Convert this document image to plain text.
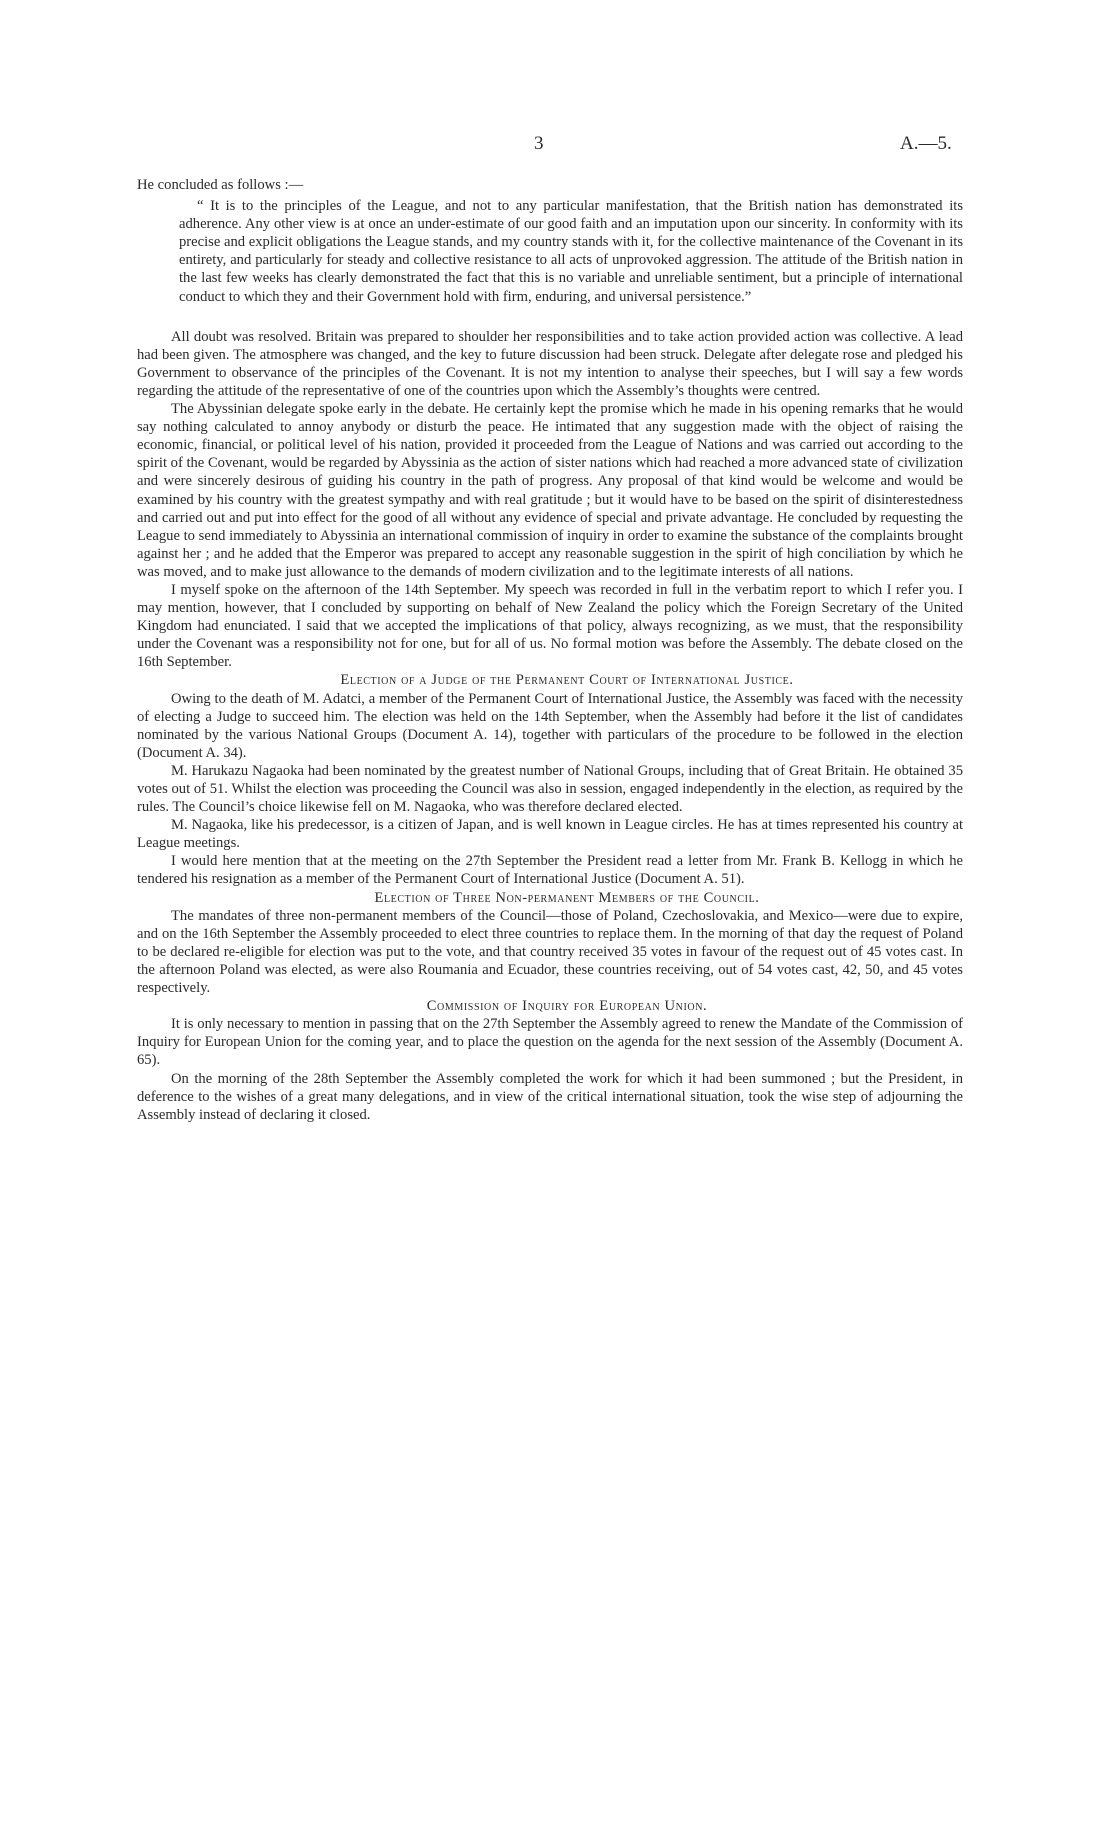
3	A.—5.

He concluded as follows :—

“ It is to the principles of the League, and not to any particular manifestation, that the British nation has demonstrated its adherence. Any other view is at once an under-estimate of our good faith and an imputation upon our sincerity. In conformity with its precise and explicit obligations the League stands, and my country stands with it, for the collective maintenance of the Covenant in its entirety, and particularly for steady and collective resistance to all acts of unprovoked aggression. The attitude of the British nation in the last few weeks has clearly demonstrated the fact that this is no variable and unreliable sentiment, but a principle of international conduct to which they and their Government hold with firm, enduring, and universal persistence.”

All doubt was resolved. Britain was prepared to shoulder her responsibilities and to take action provided action was collective. A lead had been given. The atmosphere was changed, and the key to future discussion had been struck. Delegate after delegate rose and pledged his Government to observance of the principles of the Covenant. It is not my intention to analyse their speeches, but I will say a few words regarding the attitude of the representative of one of the countries upon which the Assembly’s thoughts were centred.

The Abyssinian delegate spoke early in the debate. He certainly kept the promise which he made in his opening remarks that he would say nothing calculated to annoy anybody or disturb the peace. He intimated that any suggestion made with the object of raising the economic, financial, or political level of his nation, provided it proceeded from the League of Nations and was carried out according to the spirit of the Covenant, would be regarded by Abyssinia as the action of sister nations which had reached a more advanced state of civilization and were sincerely desirous of guiding his country in the path of progress. Any proposal of that kind would be welcome and would be examined by his country with the greatest sympathy and with real gratitude ; but it would have to be based on the spirit of disinterestedness and carried out and put into effect for the good of all without any evidence of special and private advantage. He concluded by requesting the League to send immediately to Abyssinia an international commission of inquiry in order to examine the substance of the complaints brought against her ; and he added that the Emperor was prepared to accept any reasonable suggestion in the spirit of high conciliation by which he was moved, and to make just allowance to the demands of modern civilization and to the legitimate interests of all nations.

I myself spoke on the afternoon of the 14th September. My speech was recorded in full in the verbatim report to which I refer you. I may mention, however, that I concluded by supporting on behalf of New Zealand the policy which the Foreign Secretary of the United Kingdom had enunciated. I said that we accepted the implications of that policy, always recognizing, as we must, that the responsibility under the Covenant was a responsibility not for one, but for all of us. No formal motion was before the Assembly. The debate closed on the 16th September.

Election of a Judge of the Permanent Court of International Justice.

Owing to the death of M. Adatci, a member of the Permanent Court of International Justice, the Assembly was faced with the necessity of electing a Judge to succeed him. The election was held on the 14th September, when the Assembly had before it the list of candidates nominated by the various National Groups (Document A. 14), together with particulars of the procedure to be followed in the election (Document A. 34).

M. Harukazu Nagaoka had been nominated by the greatest number of National Groups, including that of Great Britain. He obtained 35 votes out of 51. Whilst the election was proceeding the Council was also in session, engaged independently in the election, as required by the rules. The Council’s choice likewise fell on M. Nagaoka, who was therefore declared elected.

M. Nagaoka, like his predecessor, is a citizen of Japan, and is well known in League circles. He has at times represented his country at League meetings.

I would here mention that at the meeting on the 27th September the President read a letter from Mr. Frank B. Kellogg in which he tendered his resignation as a member of the Permanent Court of International Justice (Document A. 51).

Election of Three Non-permanent Members of the Council.

The mandates of three non-permanent members of the Council—those of Poland, Czechoslovakia, and Mexico—were due to expire, and on the 16th September the Assembly proceeded to elect three countries to replace them. In the morning of that day the request of Poland to be declared re-eligible for election was put to the vote, and that country received 35 votes in favour of the request out of 45 votes cast. In the afternoon Poland was elected, as were also Roumania and Ecuador, these countries receiving, out of 54 votes cast, 42, 50, and 45 votes respectively.

Commission of Inquiry for European Union.

It is only necessary to mention in passing that on the 27th September the Assembly agreed to renew the Mandate of the Commission of Inquiry for European Union for the coming year, and to place the question on the agenda for the next session of the Assembly (Document A. 65).

On the morning of the 28th September the Assembly completed the work for which it had been summoned ; but the President, in deference to the wishes of a great many delegations, and in view of the critical international situation, took the wise step of adjourning the Assembly instead of declaring it closed.
